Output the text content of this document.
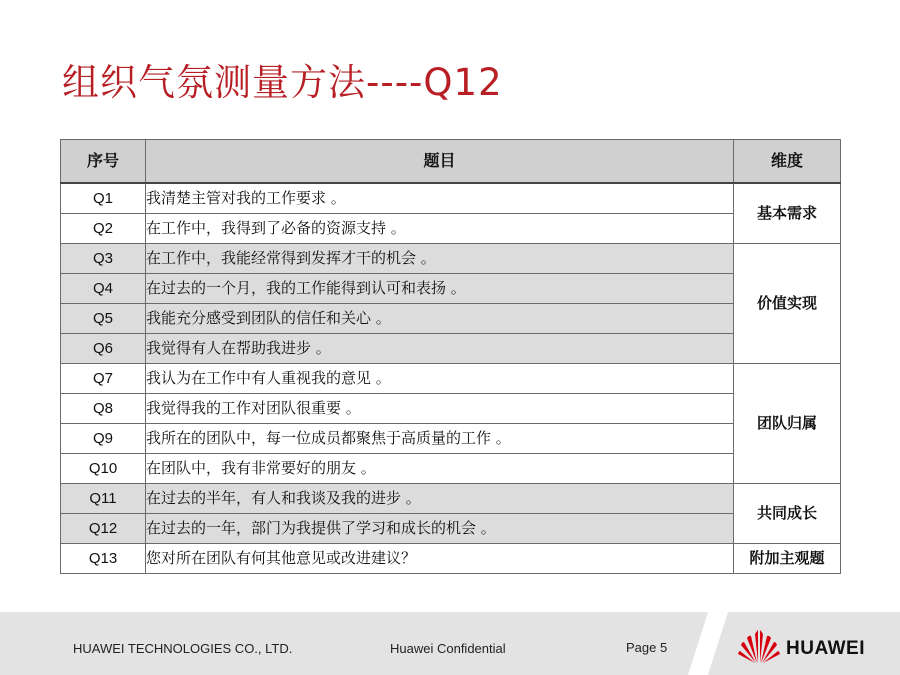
组织气氛测量方法----Q12
序号	题目	维度
Q1	我清楚主管对我的工作要求 。	基本需求
Q2	在工作中，我得到了必备的资源支持 。	
Q3	在工作中，我能经常得到发挥才干的机会 。	价值实现
Q4	在过去的一个月，我的工作能得到认可和表扬 。	
Q5	我能充分感受到团队的信任和关心 。	
Q6	我觉得有人在帮助我进步 。	
Q7	我认为在工作中有人重视我的意见 。	团队归属
Q8	我觉得我的工作对团队很重要 。	
Q9	我所在的团队中，每一位成员都聚焦于高质量的工作 。	
Q10	在团队中，我有非常要好的朋友 。	
Q11	在过去的半年，有人和我谈及我的进步 。	共同成长
Q12	在过去的一年，部门为我提供了学习和成长的机会 。	
Q13	您对所在团队有何其他意见或改进建议？	附加主观题
HUAWEI TECHNOLOGIES CO., LTD.	Huawei Confidential	Page 5	HUAWEI
